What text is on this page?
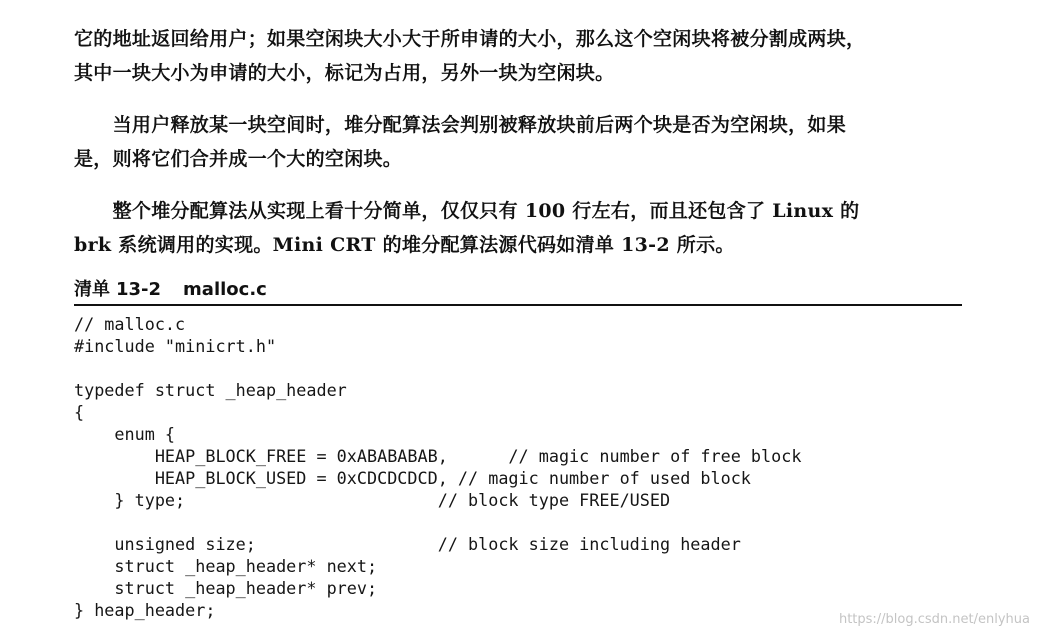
它的地址返回给用户；如果空闲块大小大于所申请的大小，那么这个空闲块将被分割成两块，
其中一块大小为申请的大小，标记为占用，另外一块为空闲块。
　　当用户释放某一块空间时，堆分配算法会判别被释放块前后两个块是否为空闲块，如果
是，则将它们合并成一个大的空闲块。
　　整个堆分配算法从实现上看十分简单，仅仅只有 100 行左右，而且还包含了 Linux 的
brk 系统调用的实现。Mini CRT 的堆分配算法源代码如清单 13-2 所示。
清单 13-2 malloc.c
// malloc.c
#include "minicrt.h"
typedef struct _heap_header
{
enum {
HEAP_BLOCK_FREE = 0xABABABAB,      // magic number of free block
HEAP_BLOCK_USED = 0xCDCDCDCD, // magic number of used block
} type;                         // block type FREE/USED
unsigned size;                  // block size including header
struct _heap_header* next;
struct _heap_header* prev;
} heap_header;	https://blog.csdn.net/enlyhua
